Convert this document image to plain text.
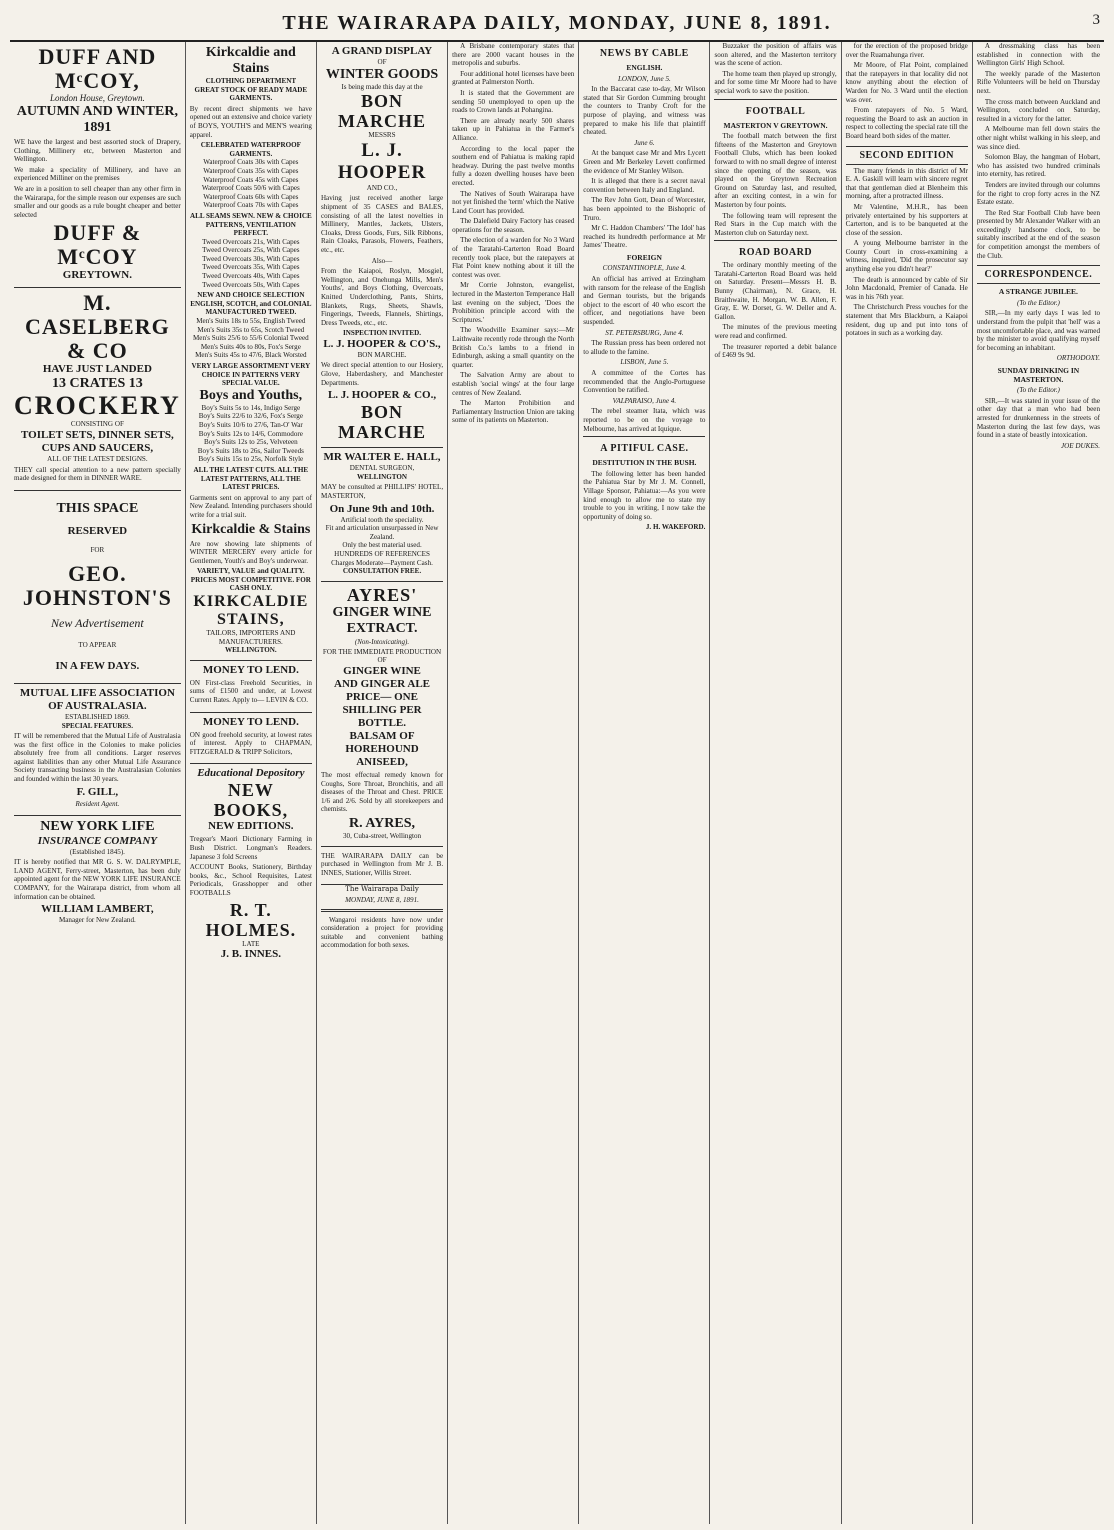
THE WAIRARAPA DAILY, MONDAY, JUNE 8, 1891.	3
DUFF AND MᶜCOY,
London House, Greytown.
AUTUMN AND WINTER, 1891

WE have the largest and best assorted stock of Drapery, Clothing, Millinery etc, between Masterton and Wellington.

We make a speciality of Millinery, and have an experienced Milliner on the premises

We are in a position to sell cheaper than any other firm in the Wairarapa, for the simple reason our expenses are such smaller and our goods as a rule bought cheaper and better selected

DUFF & MᶜCOY
GREYTOWN.
M. CASELBERG & CO
HAVE JUST LANDED
13 CRATES 13
CROCKERY
CONSISTING OF
TOILET SETS, DINNER SETS,
CUPS AND SAUCERS,
ALL OF THE LATEST DESIGNS.

THEY call special attention to a new pattern specially made designed for them in DINNER WARE.

THIS SPACE
RESERVED
FOR
GEO.
JOHNSTON'S
New Advertisement
TO APPEAR
IN A FEW DAYS.
MUTUAL LIFE ASSOCIATION
OF AUSTRALASIA.
ESTABLISHED 1869.
SPECIAL FEATURES.

IT will be remembered that the Mutual Life of Australasia was the first office in the Colonies to make policies absolutely free from all conditions. Larger reserves against liabilities than any other Mutual Life Assurance Society transacting business in the Australasian Colonies and founded within the last 30 years.

F. GILL,
Resident Agent.
NEW YORK LIFE
INSURANCE COMPANY
(Established 1845).

IT is hereby notified that MR G. S. W. DALRYMPLE, LAND AGENT, Ferry-street, Masterton, has been duly appointed agent for the NEW YORK LIFE INSURANCE COMPANY, for the Wairarapa district, from whom all information can be obtained.

WILLIAM LAMBERT,
Manager for New Zealand.
Kirkcaldie and Stains
CLOTHING DEPARTMENT
GREAT STOCK OF READY MADE GARMENTS.

By recent direct shipments we have opened out an extensive and choice variety of BOYS, YOUTH'S and MEN'S wearing apparel.

CELEBRATED WATERPROOF GARMENTS.
Waterproof Coats 30s with Capes
Waterproof Coats 35s with Capes
Waterproof Coats 45s with Capes
Waterproof Coats 50/6 with Capes
Waterproof Coats 60s with Capes
Waterproof Coats 70s with Capes
ALL SEAMS SEWN. NEW & CHOICE PATTERNS, VENTILATION PERFECT.
Tweed Overcoats 21s, With Capes
Tweed Overcoats 25s, With Capes
Tweed Overcoats 30s, With Capes
Tweed Overcoats 35s, With Capes
Tweed Overcoats 40s, With Capes
Tweed Overcoats 50s, With Capes
NEW AND CHOICE SELECTION ENGLISH, SCOTCH, and COLONIAL MANUFACTURED TWEED.
Men's Suits 18s to 55s, English Tweed
Men's Suits 35s to 65s, Scotch Tweed
Men's Suits 25/6 to 55/6 Colonial Tweed
Men's Suits 40s to 80s, Fox's Serge
Men's Suits 45s to 47/6, Black Worsted
VERY LARGE ASSORTMENT VERY CHOICE IN PATTERNS VERY SPECIAL VALUE.
Boys and Youths,
Boy's Suits 5s to 14s, Indigo Serge
Boy's Suits 22/6 to 32/6, Fox's Serge
Boy's Suits 10/6 to 27/6, Tan-O' War
Boy's Suits 12s to 14/6, Commodore
Boy's Suits 12s to 25s, Velveteen
Boy's Suits 18s to 26s, Sailor Tweeds
Boy's Suits 15s to 25s, Norfolk Style
ALL THE LATEST CUTS. ALL THE LATEST PATTERNS, ALL THE LATEST PRICES.

Garments sent on approval to any part of New Zealand. Intending purchasers should write for a trial suit.

Kirkcaldie & Stains

Are now showing late shipments of WINTER MERCERY every article for Gentlemen, Youth's and Boy's underwear.

VARIETY, VALUE and QUALITY. PRICES MOST COMPETITIVE. FOR CASH ONLY.
KIRKCALDIE
STAINS,
TAILORS, IMPORTERS AND MANUFACTURERS.
WELLINGTON.
MONEY TO LEND.

ON First-class Freehold Securities, in sums of £1500 and under, at Lowest Current Rates. Apply to— LEVIN & CO.

MONEY TO LEND.

ON good freehold security, at lowest rates of interest. Apply to CHAPMAN, FITZGERALD & TRIPP Solicitors,

Educational Depository
NEW BOOKS,
NEW EDITIONS.

Tregear's Maori Dictionary Farming in Bush District. Longman's Readers. Japanese 3 fold Screens

ACCOUNT Books, Stationery, Birthday books, &c., School Requisites, Latest Periodicals, Grasshopper and other FOOTBALLS

R. T. HOLMES.
LATE
J. B. INNES.
A GRAND DISPLAY
OF
WINTER GOODS
Is being made this day at the
BON MARCHE
MESSRS
L. J. HOOPER
AND CO.,

Having just received another large shipment of 35 CASES and BALES, consisting of all the latest novelties in Millinery, Mantles, Jackets, Ulsters, Cloaks, Dress Goods, Furs, Silk Ribbons, Rain Cloaks, Parasols, Flowers, Feathers, etc., etc.

Also—

From the Kaiapoi, Roslyn, Mosgiel, Wellington, and Onehunga Mills, Men's Youths', and Boys Clothing, Overcoats, Knitted Underclothing, Pants, Shirts, Blankets, Rugs, Sheets, Shawls, Fingerings, Tweeds, Flannels, Shirtings, Dress Tweeds, etc., etc.

INSPECTION INVITED.
L. J. HOOPER & CO'S.,
BON MARCHE.

We direct special attention to our Hosiery, Glove, Haberdashery, and Manchester Departments.

L. J. HOOPER & CO.,
BON MARCHE
MR WALTER E. HALL,
DENTAL SURGEON,
WELLINGTON

MAY be consulted at PHILLIPS' HOTEL, MASTERTON,

On June 9th and 10th.
Artificial tooth the speciality.
Fit and articulation unsurpassed in New Zealand.
Only the best material used.
HUNDREDS OF REFERENCES
Charges Moderate—Payment Cash.
CONSULTATION FREE.
AYRES'
GINGER WINE
EXTRACT.
(Non-Intoxicating).
FOR THE IMMEDIATE PRODUCTION OF
GINGER WINE
AND GINGER ALE
PRICE— ONE SHILLING PER BOTTLE.
BALSAM OF HOREHOUND ANISEED,

The most effectual remedy known for Coughs, Sore Throat, Bronchitis, and all diseases of the Throat and Chest. PRICE 1/6 and 2/6. Sold by all storekeepers and chemists.

R. AYRES,
30, Cuba-street, Wellington

THE WAIRARAPA DAILY can be purchased in Wellington from Mr J. B. INNES, Stationer, Willis Street.

The Wairarapa Daily
MONDAY, JUNE 8, 1891.

Wangaroi residents have now under consideration a project for providing suitable and convenient bathing accommodation for both sexes.

A Brisbane contemporary states that there are 2000 vacant houses in the metropolis and suburbs.

Four additional hotel licenses have been granted at Palmerston North.

It is stated that the Government are sending 50 unemployed to open up the roads to Crown lands at Pohangina.

There are already nearly 500 shares taken up in Pahiatua in the Farmer's Alliance.

According to the local paper the southern end of Pahiatua is making rapid headway. During the past twelve months fully a dozen dwelling houses have been erected.

The Natives of South Wairarapa have not yet finished the 'term' which the Native Land Court has provided.

The Dalefield Dairy Factory has ceased operations for the season.

The election of a warden for No 3 Ward of the Taratahi-Carterton Road Board recently took place, but the ratepayers at Flat Point knew nothing about it till the contest was over.

Mr Corrie Johnston, evangelist, lectured in the Masterton Temperance Hall last evening on the subject, 'Does the Prohibition principle accord with the Scriptures.'

The Woodville Examiner says:—Mr Laithwaite recently rode through the North British Co.'s lambs to a friend in Edinburgh, asking a small quantity on the quarter.

The Salvation Army are about to establish 'social wings' at the four large centres of New Zealand.

The Marton Prohibition and Parliamentary Instruction Union are taking some of its patients on Masterton.

NEWS BY CABLE
ENGLISH.
LONDON, June 5.

In the Baccarat case to-day, Mr Wilson stated that Sir Gordon Cumming brought the counters to Tranby Croft for the purpose of playing, and witness was prepared to make his life that plaintiff cheated.

June 6.

At the banquet case Mr and Mrs Lycett Green and Mr Berkeley Levett confirmed the evidence of Mr Stanley Wilson.

It is alleged that there is a secret naval convention between Italy and England.

The Rev John Gott, Dean of Worcester, has been appointed to the Bishopric of Truro.

Mr C. Haddon Chambers' 'The Idol' has reached its hundredth performance at Mr James' Theatre.

FOREIGN
CONSTANTINOPLE, June 4.

An official has arrived at Erzingham with ransom for the release of the English and German tourists, but the brigands object to the escort of 40 who escort the officer, and negotiations have been suspended.

ST. PETERSBURG, June 4.

The Russian press has been ordered not to allude to the famine.

LISBON, June 5.

A committee of the Cortes has recommended that the Anglo-Portuguese Convention be ratified.

VALPARAISO, June 4.

The rebel steamer Itata, which was reported to be on the voyage to Melbourne, has arrived at Iquique.

A PITIFUL CASE.
DESTITUTION IN THE BUSH.

The following letter has been handed the Pahiatua Star by Mr J. M. Connell, Village Sponsor, Pahiatua:—As you were kind enough to allow me to state my trouble to you in writing, I now take the opportunity of doing so.

J. H. WAKEFORD.

Buzzaker the position of affairs was soon altered, and the Masterton territory was the scene of action.

The home team then played up strongly, and for some time Mr Moore had to have special work to save the position.

FOOTBALL
MASTERTON V GREYTOWN.

The football match between the first fifteens of the Masterton and Greytown Football Clubs, which has been looked forward to with no small degree of interest since the opening of the season, was played on the Greytown Recreation Ground on Saturday last, and resulted, after an exciting contest, in a win for Masterton by four points.

The following team will represent the Red Stars in the Cup match with the Masterton club on Saturday next.

ROAD BOARD

The ordinary monthly meeting of the Taratahi-Carterton Road Board was held on Saturday. Present—Messrs H. B. Bunny (Chairman), N. Grace, H. Braithwaite, H. Morgan, W. B. Allen, F. Gray, E. W. Dorset, G. W. Deller and A. Gallon.

The minutes of the previous meeting were read and confirmed.

The treasurer reported a debit balance of £469 9s 9d.

for the erection of the proposed bridge over the Ruamahunga river.

Mr Moore, of Flat Point, complained that the ratepayers in that locality did not know anything about the election of Warden for No. 3 Ward until the election was over.

From ratepayers of No. 5 Ward, requesting the Board to ask an auction in respect to collecting the special rate till the Board heard both sides of the matter.

SECOND EDITION

The many friends in this district of Mr E. A. Gaskill will learn with sincere regret that that gentleman died at Blenheim this morning, after a protracted illness.

Mr Valentine, M.H.R., has been privately entertained by his supporters at Carterton, and is to be banqueted at the close of the session.

A young Melbourne barrister in the County Court in cross-examining a witness, inquired, 'Did the prosecutor say anything else you didn't hear?'

The death is announced by cable of Sir John Macdonald, Premier of Canada. He was in his 76th year.

The Christchurch Press vouches for the statement that Mrs Blackburn, a Kaiapoi resident, dug up and put into tons of potatoes in such as a working day.

A dressmaking class has been established in connection with the Wellington Girls' High School.

The weekly parade of the Masterton Rifle Volunteers will be held on Thursday next.

The cross match between Auckland and Wellington, concluded on Saturday, resulted in a victory for the latter.

A Melbourne man fell down stairs the other night whilst walking in his sleep, and was since died.

Solomon Blay, the hangman of Hobart, who has assisted two hundred criminals into eternity, has retired.

Tenders are invited through our columns for the right to crop forty acres in the NZ Estate estate.

The Red Star Football Club have been presented by Mr Alexander Walker with an exceedingly handsome clock, to be suitably inscribed at the end of the season for competition amongst the members of the Club.

CORRESPONDENCE.
A STRANGE JUBILEE.
(To the Editor.)

SIR,—In my early days I was led to understand from the pulpit that 'hell' was a most uncomfortable place, and was warned by the minister to avoid qualifying myself for becoming an inhabitant.

ORTHODOXY.
SUNDAY DRINKING IN MASTERTON.
(To the Editor.)

SIR,—It was stated in your issue of the other day that a man who had been arrested for drunkenness in the streets of Masterton during the last few days, was found in a state of beastly intoxication.

JOE DUKES.
